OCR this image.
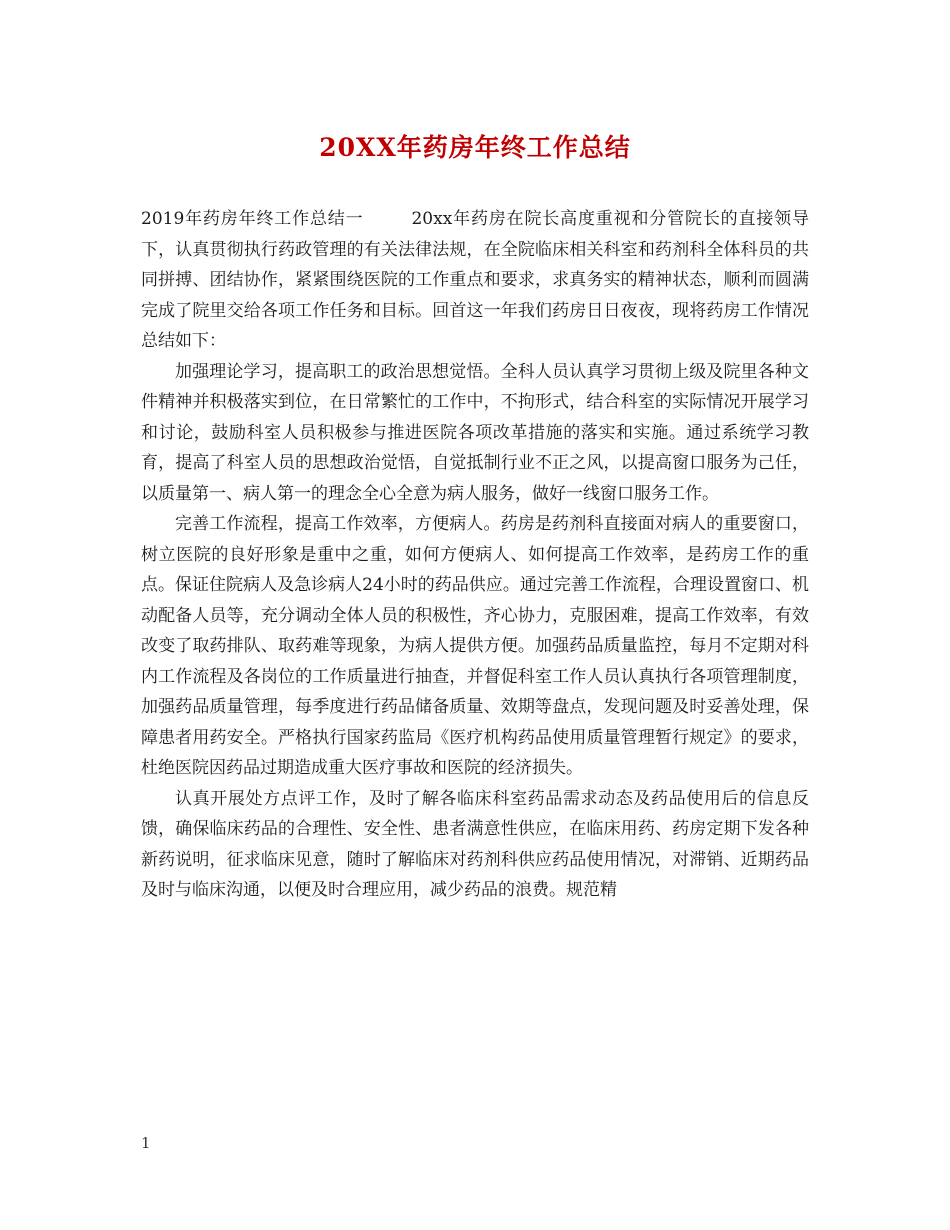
20XX年药房年终工作总结

2019年药房年终工作总结一	20xx年药房在院长高度重视和分管院长的直接领导下，认真贯彻执行药政管理的有关法律法规，在全院临床相关科室和药剂科全体科员的共同拼搏、团结协作，紧紧围绕医院的工作重点和要求，求真务实的精神状态，顺利而圆满完成了院里交给各项工作任务和目标。回首这一年我们药房日日夜夜，现将药房工作情况总结如下：

加强理论学习，提高职工的政治思想觉悟。全科人员认真学习贯彻上级及院里各种文件精神并积极落实到位，在日常繁忙的工作中，不拘形式，结合科室的实际情况开展学习和讨论，鼓励科室人员积极参与推进医院各项改革措施的落实和实施。通过系统学习教育，提高了科室人员的思想政治觉悟，自觉抵制行业不正之风，以提高窗口服务为己任，以质量第一、病人第一的理念全心全意为病人服务，做好一线窗口服务工作。

完善工作流程，提高工作效率，方便病人。药房是药剂科直接面对病人的重要窗口，树立医院的良好形象是重中之重，如何方便病人、如何提高工作效率，是药房工作的重点。保证住院病人及急诊病人24小时的药品供应。通过完善工作流程，合理设置窗口、机动配备人员等，充分调动全体人员的积极性，齐心协力，克服困难，提高工作效率，有效改变了取药排队、取药难等现象，为病人提供方便。加强药品质量监控，每月不定期对科内工作流程及各岗位的工作质量进行抽查，并督促科室工作人员认真执行各项管理制度，加强药品质量管理，每季度进行药品储备质量、效期等盘点，发现问题及时妥善处理，保障患者用药安全。严格执行国家药监局《医疗机构药品使用质量管理暂行规定》的要求，杜绝医院因药品过期造成重大医疗事故和医院的经济损失。

认真开展处方点评工作，及时了解各临床科室药品需求动态及药品使用后的信息反馈，确保临床药品的合理性、安全性、患者满意性供应，在临床用药、药房定期下发各种新药说明，征求临床见意，随时了解临床对药剂科供应药品使用情况，对滞销、近期药品及时与临床沟通，以便及时合理应用，减少药品的浪费。规范精

1
